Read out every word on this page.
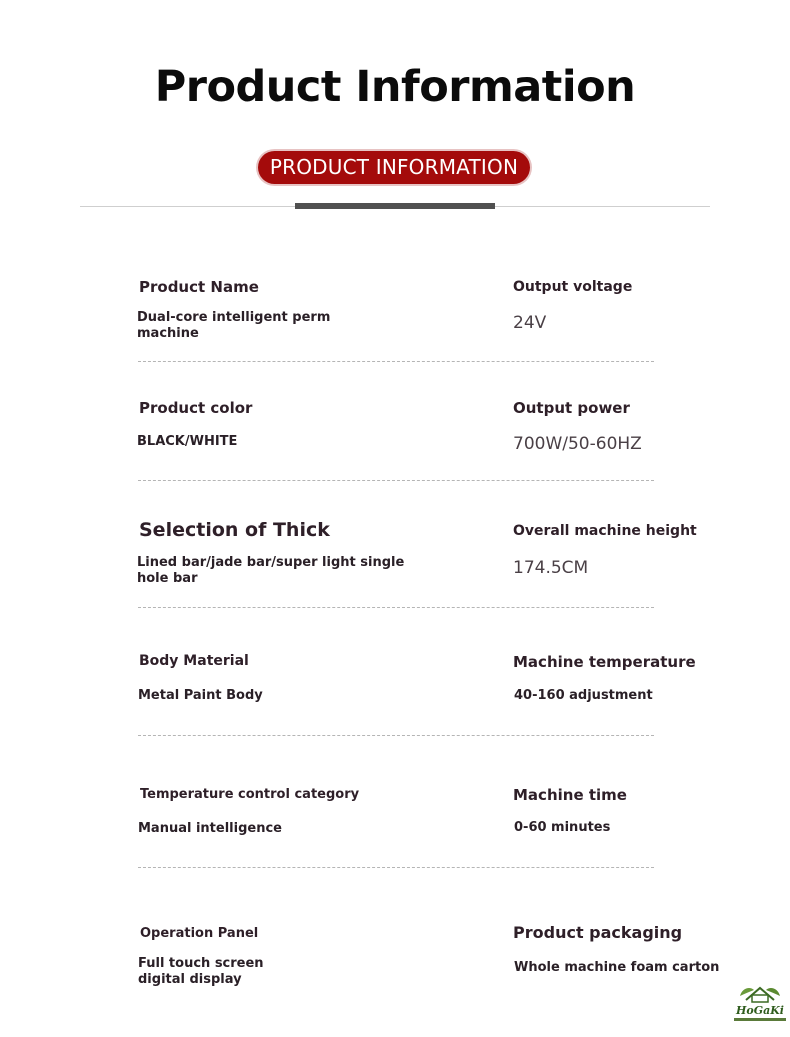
Product Information
PRODUCT INFORMATION
Product Name
Dual-core intelligent perm machine
Output voltage
24V
Product color
BLACK/WHITE
Output power
700W/50-60HZ
Selection of Thick
Lined bar/jade bar/super light single hole bar
Overall machine height
174.5CM
Body Material
Metal Paint Body
Machine temperature
40-160 adjustment
Temperature control category
Manual intelligence
Machine time
0-60 minutes
Operation Panel
Full touch screen digital display
Product packaging
Whole machine foam carton
HoGaKi
